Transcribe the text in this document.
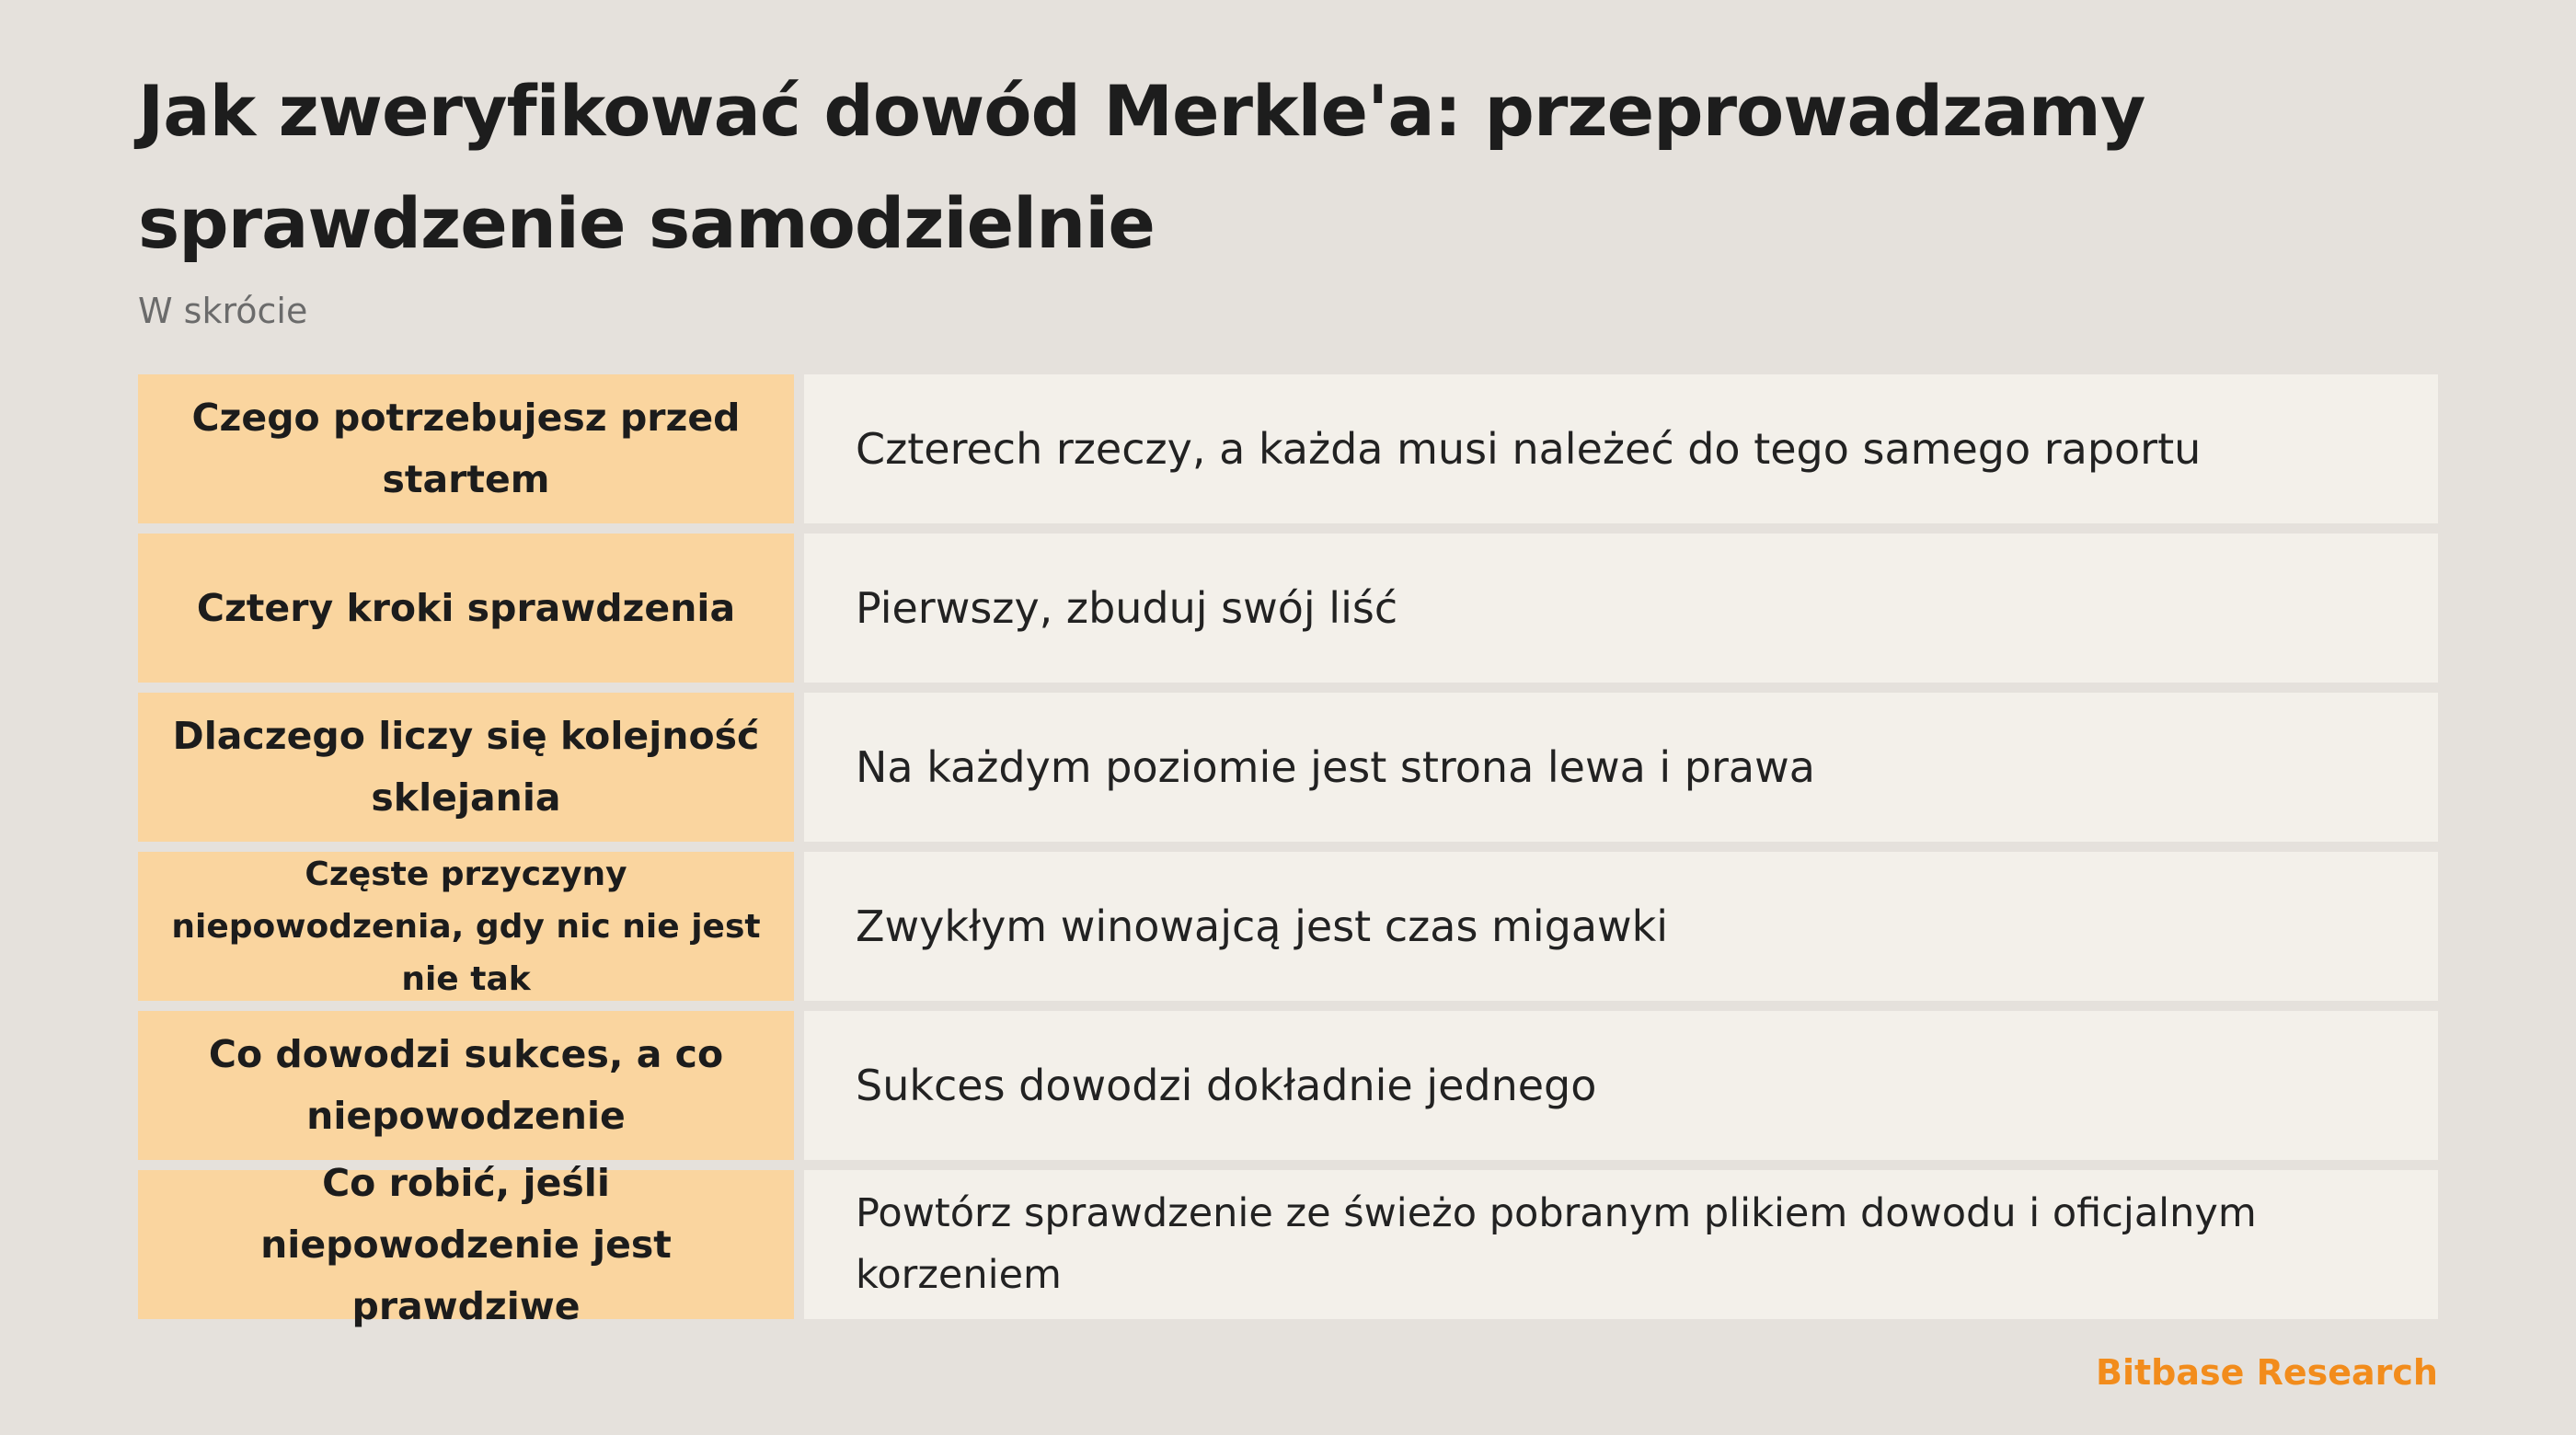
Jak zweryfikować dowód Merkle'a: przeprowadzamy sprawdzenie samodzielnie
W skrócie
Czego potrzebujesz przed startem
Czterech rzeczy, a każda musi należeć do tego samego raportu
Cztery kroki sprawdzenia	Pierwszy, zbuduj swój liść
Dlaczego liczy się kolejność sklejania
Na każdym poziomie jest strona lewa i prawa
Częste przyczyny niepowodzenia, gdy nic nie jest nie tak
Zwykłym winowajcą jest czas migawki
Co dowodzi sukces, a co niepowodzenie
Sukces dowodzi dokładnie jednego
Co robić, jeśli niepowodzenie jest prawdziwe
Powtórz sprawdzenie ze świeżo pobranym plikiem dowodu i oficjalnym korzeniem
Bitbase Research
